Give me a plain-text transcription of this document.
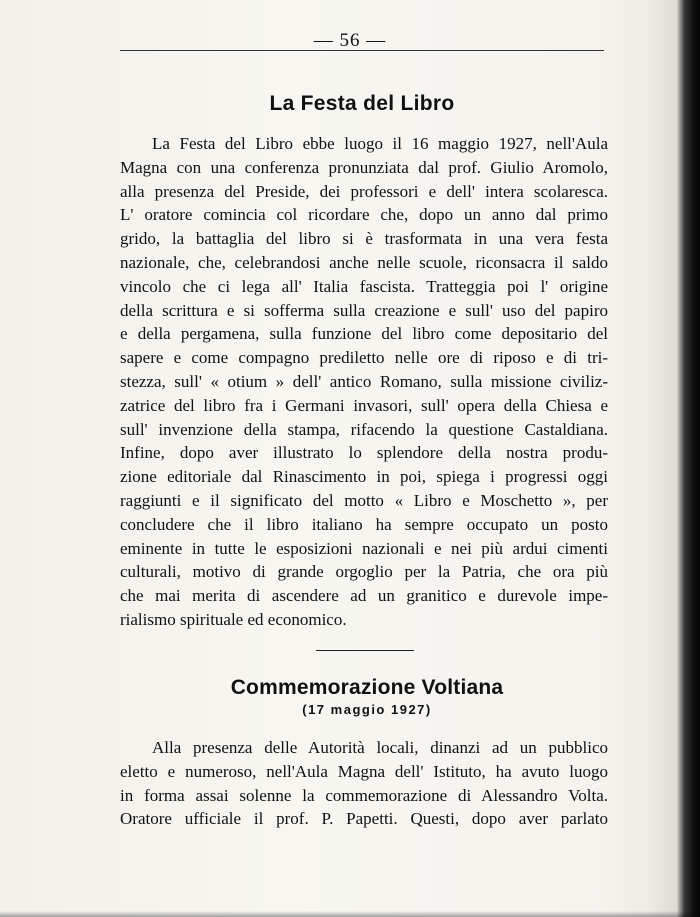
— 56 —
La Festa del Libro
La Festa del Libro ebbe luogo il 16 maggio 1927, nell'Aula
Magna con una conferenza pronunziata dal prof. Giulio Aromolo,
alla presenza del Preside, dei professori e dell' intera scolaresca.
L' oratore comincia col ricordare che, dopo un anno dal primo
grido, la battaglia del libro si è trasformata in una vera festa
nazionale, che, celebrandosi anche nelle scuole, riconsacra il saldo
vincolo che ci lega all' Italia fascista. Tratteggia poi l' origine
della scrittura e si sofferma sulla creazione e sull' uso del papiro
e della pergamena, sulla funzione del libro come depositario del
sapere e come compagno prediletto nelle ore di riposo e di tri-
stezza, sull' « otium » dell' antico Romano, sulla missione civiliz-
zatrice del libro fra i Germani invasori, sull' opera della Chiesa e
sull' invenzione della stampa, rifacendo la questione Castaldiana.
Infine, dopo aver illustrato lo splendore della nostra produ-
zione editoriale dal Rinascimento in poi, spiega i progressi oggi
raggiunti e il significato del motto « Libro e Moschetto », per
concludere che il libro italiano ha sempre occupato un posto
eminente in tutte le esposizioni nazionali e nei più ardui cimenti
culturali, motivo di grande orgoglio per la Patria, che ora più
che mai merita di ascendere ad un granitico e durevole impe-
rialismo spirituale ed economico.
Commemorazione Voltiana
(17 maggio 1927)
Alla presenza delle Autorità locali, dinanzi ad un pubblico
eletto e numeroso, nell'Aula Magna dell' Istituto, ha avuto luogo
in forma assai solenne la commemorazione di Alessandro Volta.
Oratore ufficiale il prof. P. Papetti. Questi, dopo aver parlato
